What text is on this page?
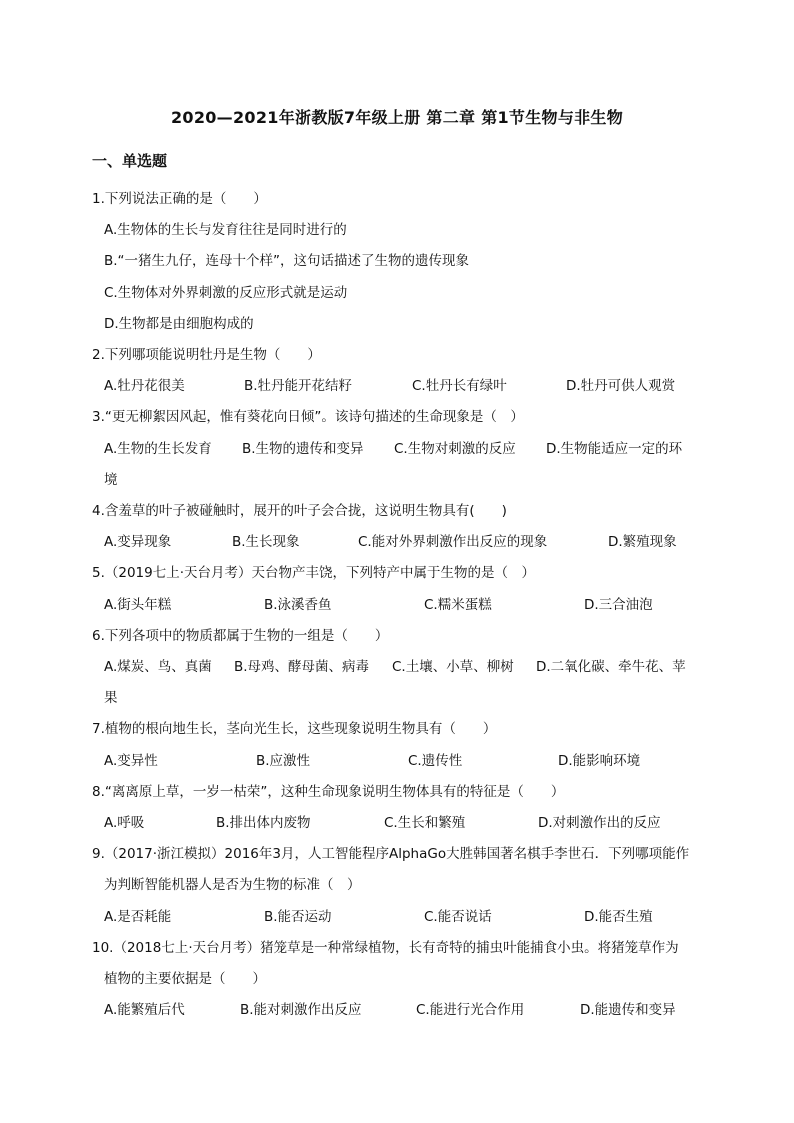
2020—2021年浙教版7年级上册 第二章 第1节生物与非生物
一、单选题
1.下列说法正确的是（　　）
A.生物体的生长与发育往往是同时进行的
B.“一猪生九仔，连母十个样”，这句话描述了生物的遗传现象
C.生物体对外界刺激的反应形式就是运动
D.生物都是由细胞构成的
2.下列哪项能说明牡丹是生物（　　）
A.牡丹花很美	B.牡丹能开花结籽	C.牡丹长有绿叶	D.牡丹可供人观赏
3.“更无柳絮因风起，惟有葵花向日倾”。该诗句描述的生命现象是（　）
A.生物的生长发育 B.生物的遗传和变异 C.生物对刺激的反应 D.生物能适应一定的环
境
4.含羞草的叶子被碰触时，展开的叶子会合拢，这说明生物具有(　　)
A.变异现象	B.生长现象	C.能对外界刺激作出反应的现象	D.繁殖现象
5.（2019七上·天台月考）天台物产丰饶，下列特产中属于生物的是（　）
A.街头年糕	B.泳溪香鱼	C.糯米蛋糕	D.三合油泡
6.下列各项中的物质都属于生物的一组是（　　）
A.煤炭、鸟、真菌 B.母鸡、酵母菌、病毒 C.土壤、小草、柳树 D.二氧化碳、牵牛花、苹
果
7.植物的根向地生长，茎向光生长，这些现象说明生物具有（　　）
A.变异性	B.应激性	C.遗传性	D.能影响环境
8.“离离原上草，一岁一枯荣”，这种生命现象说明生物体具有的特征是（　　）
A.呼吸	B.排出体内废物	C.生长和繁殖	D.对刺激作出的反应
9.（2017·浙江模拟）2016年3月，人工智能程序AlphaGo大胜韩国著名棋手李世石．下列哪项能作
为判断智能机器人是否为生物的标准（　）
A.是否耗能	B.能否运动	C.能否说话	D.能否生殖
10.（2018七上·天台月考）猪笼草是一种常绿植物，长有奇特的捕虫叶能捕食小虫。将猪笼草作为
植物的主要依据是（　　）
A.能繁殖后代	B.能对刺激作出反应	C.能进行光合作用	D.能遗传和变异
